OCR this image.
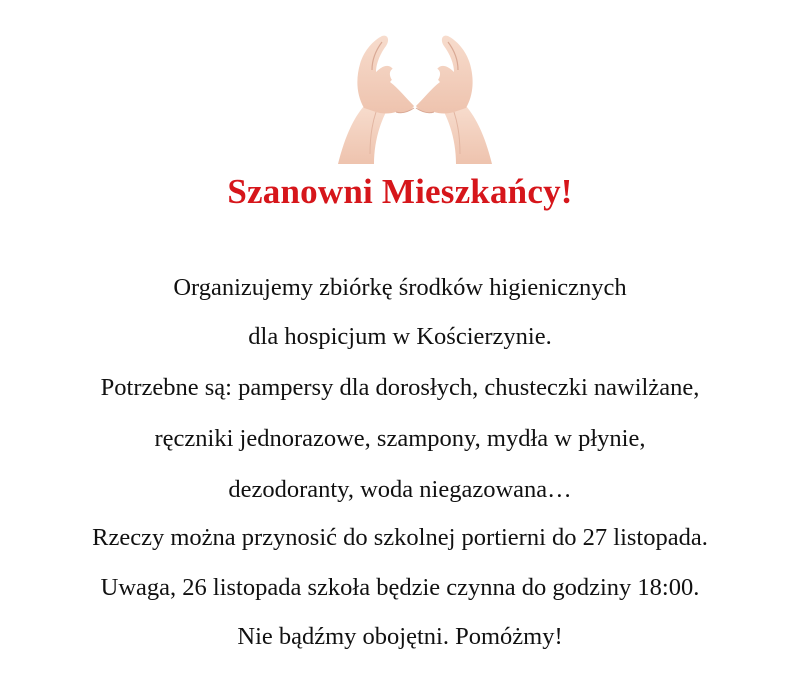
Szanowni Mieszkańcy!
Organizujemy zbiórkę środków higienicznych
dla hospicjum w Kościerzynie.
Potrzebne są: pampersy dla dorosłych, chusteczki nawilżane,
ręczniki jednorazowe, szampony, mydła w płynie,
dezodoranty, woda niegazowana…
Rzeczy można przynosić do szkolnej portierni do 27 listopada.
Uwaga, 26 listopada szkoła będzie czynna do godziny 18:00.
Nie bądźmy obojętni. Pomóżmy!
